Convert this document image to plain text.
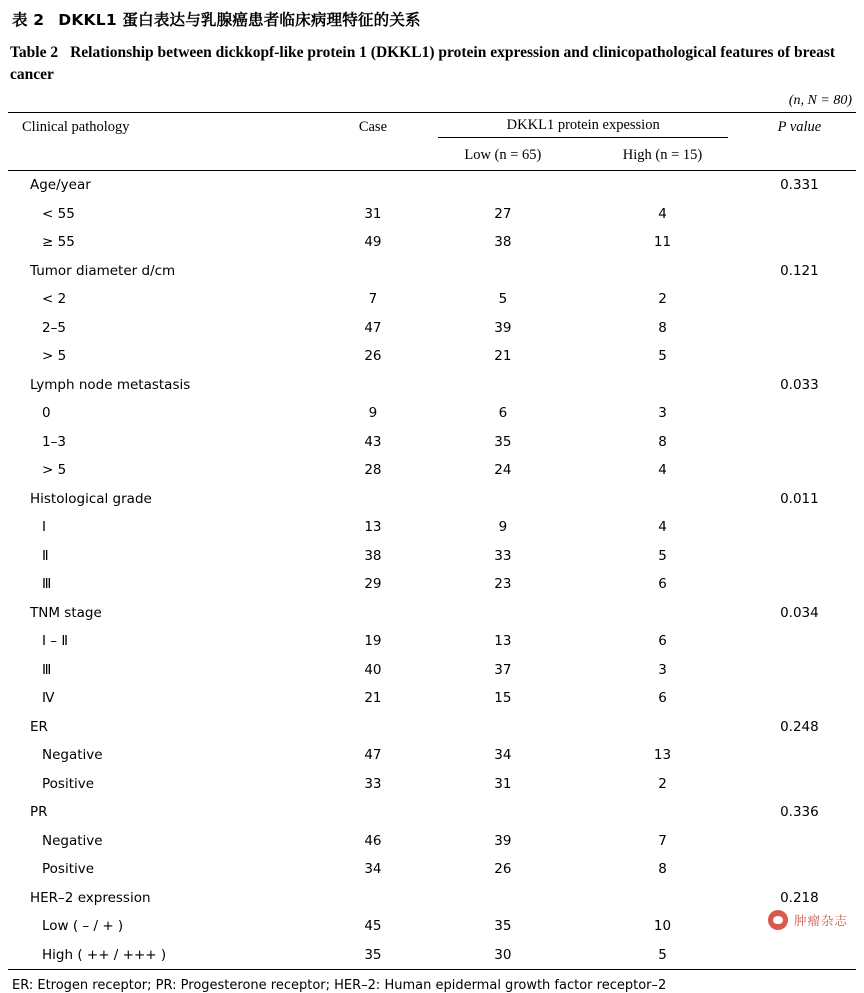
表 2 DKKL1 蛋白表达与乳腺癌患者临床病理特征的关系
Table 2 Relationship between dickkopf-like protein 1 (DKKL1) protein expression and clinicopathological features of breast cancer
(n, N = 80)
Clinical pathology	Case	DKKL1 protein expession		P value
		Low (n = 65)	High (n = 15)	
Age/year				0.331
< 55	31	27	4	
≥ 55	49	38	11	
Tumor diameter d/cm				0.121
< 2	7	5	2	
2–5	47	39	8	
> 5	26	21	5	
Lymph node metastasis				0.033
0	9	6	3	
1–3	43	35	8	
> 5	28	24	4	
Histological grade				0.011
Ⅰ	13	9	4	
Ⅱ	38	33	5	
Ⅲ	29	23	6	
TNM stage				0.034
Ⅰ – Ⅱ	19	13	6	
Ⅲ	40	37	3	
Ⅳ	21	15	6	
ER				0.248
Negative	47	34	13	
Positive	33	31	2	
PR				0.336
Negative	46	39	7	
Positive	34	26	8	
HER–2 expression				0.218
Low ( – / + )	45	35	10	
High ( ++ / +++ )	35	30	5	

ER: Etrogen receptor; PR: Progesterone receptor; HER–2: Human epidermal growth factor receptor–2
肿瘤杂志
